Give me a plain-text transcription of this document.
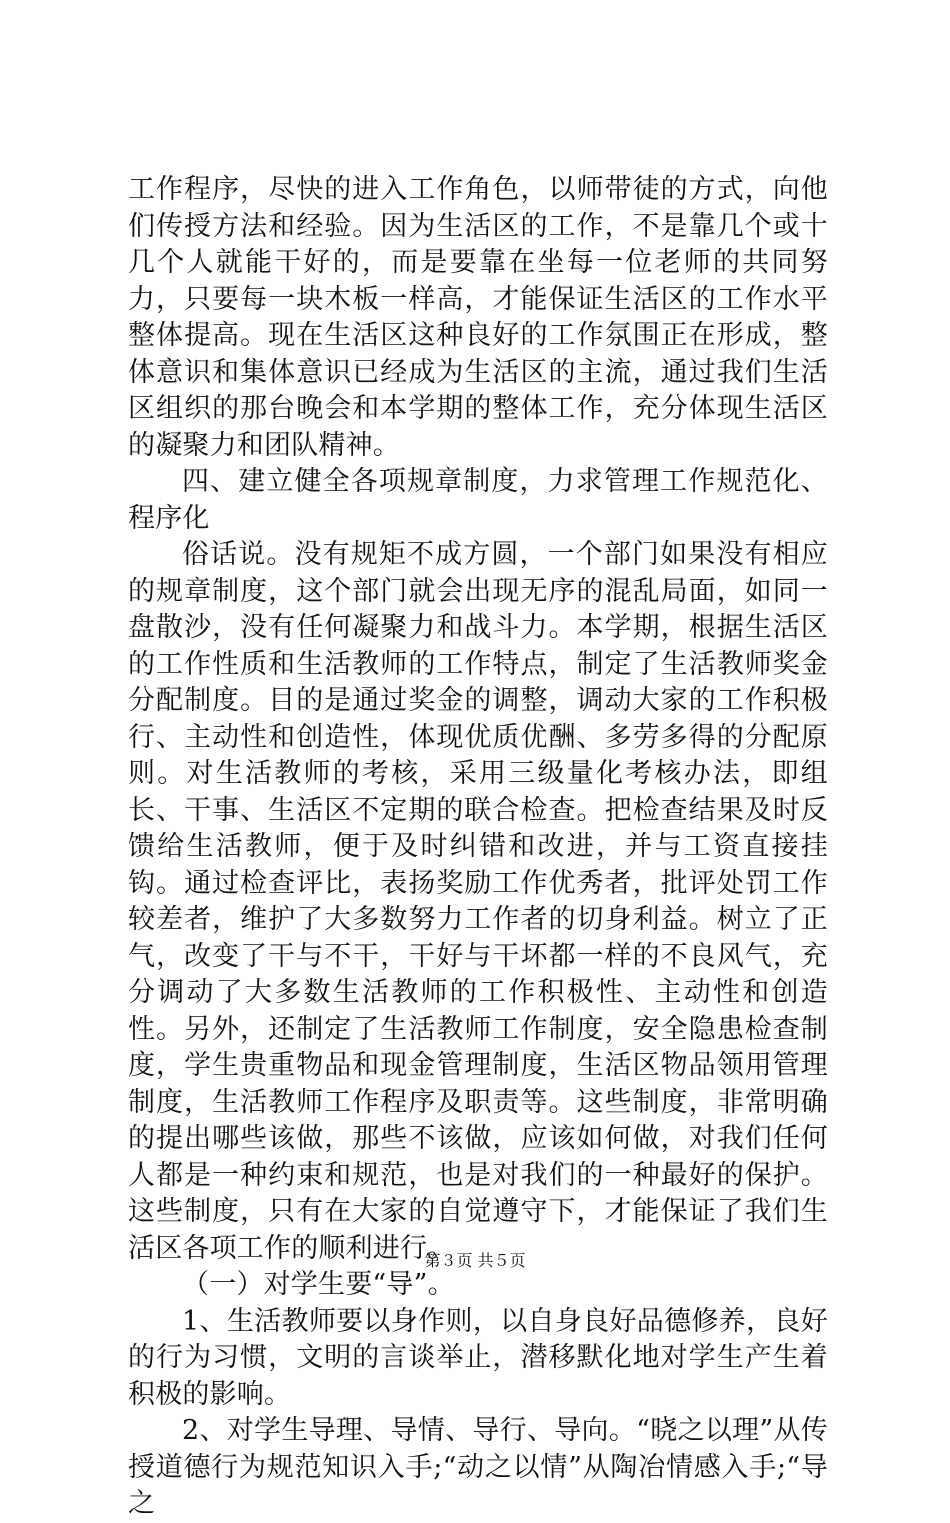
工作程序，尽快的进入工作角色，以师带徒的方式，向他们传授方法和经验。因为生活区的工作，不是靠几个或十几个人就能干好的，而是要靠在坐每一位老师的共同努力，只要每一块木板一样高，才能保证生活区的工作水平整体提高。现在生活区这种良好的工作氛围正在形成，整体意识和集体意识已经成为生活区的主流，通过我们生活区组织的那台晚会和本学期的整体工作，充分体现生活区的凝聚力和团队精神。

四、建立健全各项规章制度，力求管理工作规范化、程序化

俗话说。没有规矩不成方圆，一个部门如果没有相应的规章制度，这个部门就会出现无序的混乱局面，如同一盘散沙，没有任何凝聚力和战斗力。本学期，根据生活区的工作性质和生活教师的工作特点，制定了生活教师奖金分配制度。目的是通过奖金的调整，调动大家的工作积极行、主动性和创造性，体现优质优酬、多劳多得的分配原则。对生活教师的考核，采用三级量化考核办法，即组长、干事、生活区不定期的联合检查。把检查结果及时反馈给生活教师，便于及时纠错和改进，并与工资直接挂钩。通过检查评比，表扬奖励工作优秀者，批评处罚工作较差者，维护了大多数努力工作者的切身利益。树立了正气，改变了干与不干，干好与干坏都一样的不良风气，充分调动了大多数生活教师的工作积极性、主动性和创造性。另外，还制定了生活教师工作制度，安全隐患检查制度，学生贵重物品和现金管理制度，生活区物品领用管理制度，生活教师工作程序及职责等。这些制度，非常明确的提出哪些该做，那些不该做，应该如何做，对我们任何人都是一种约束和规范，也是对我们的一种最好的保护。这些制度，只有在大家的自觉遵守下，才能保证了我们生活区各项工作的顺利进行。

（一）对学生要“导”。

1、生活教师要以身作则，以自身良好品德修养，良好的行为习惯，文明的言谈举止，潜移默化地对学生产生着积极的影响。

2、对学生导理、导情、导行、导向。“晓之以理”从传授道德行为规范知识入手;“动之以情”从陶冶情感入手;“导之

第３页 共５页
